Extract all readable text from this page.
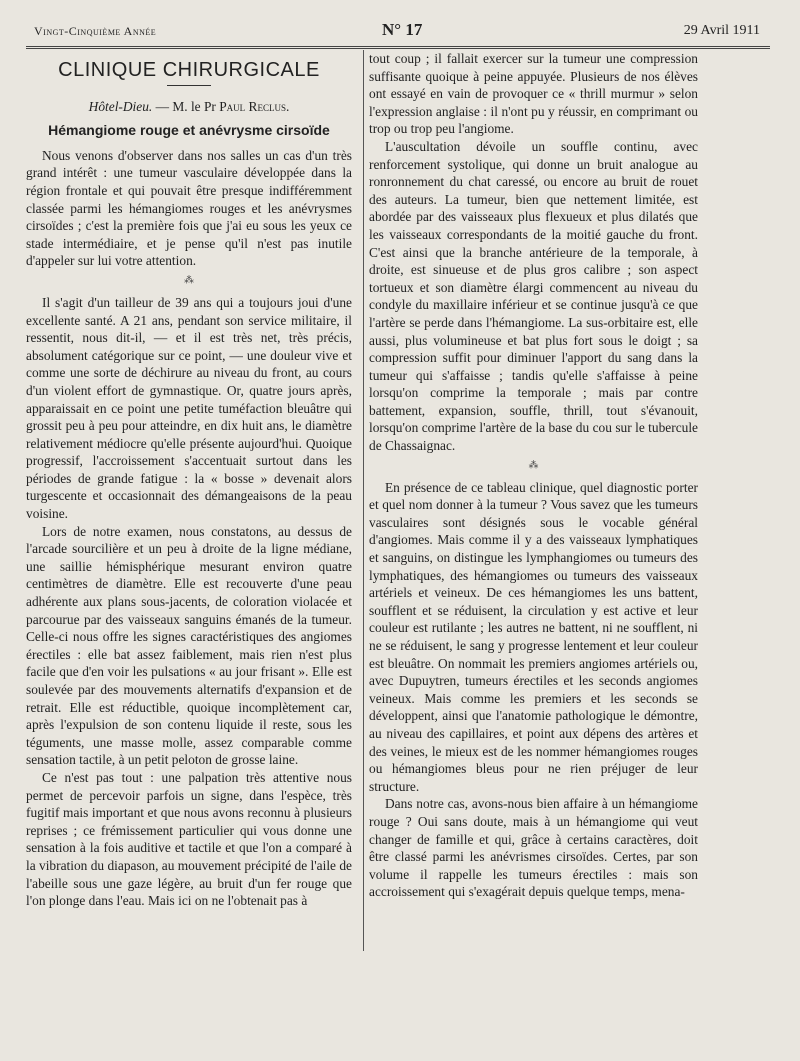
Vingt-Cinquième Année	N° 17	29 Avril 1911
CLINIQUE CHIRURGICALE
Hôtel-Dieu. — M. le Pr Paul Reclus.
Hémangiome rouge et anévrysme cirsoïde

Nous venons d'observer dans nos salles un cas d'un très grand intérêt : une tumeur vasculaire développée dans la région frontale et qui pouvait être presque indifféremment classée parmi les hémangiomes rouges et les anévrysmes cirsoïdes ; c'est la première fois que j'ai eu sous les yeux ce stade intermédiaire, et je pense qu'il n'est pas inutile d'appeler sur lui votre attention.

⁂

Il s'agit d'un tailleur de 39 ans qui a toujours joui d'une excellente santé. A 21 ans, pendant son service militaire, il ressentit, nous dit-il, — et il est très net, très précis, absolument catégorique sur ce point, — une douleur vive et comme une sorte de déchirure au niveau du front, au cours d'un violent effort de gymnastique. Or, quatre jours après, apparaissait en ce point une petite tuméfaction bleuâtre qui grossit peu à peu pour atteindre, en dix huit ans, le diamètre relativement médiocre qu'elle présente aujourd'hui. Quoique progressif, l'accroissement s'accentuait surtout dans les périodes de grande fatigue : la « bosse » devenait alors turgescente et occasionnait des démangeaisons de la peau voisine.

Lors de notre examen, nous constatons, au dessus de l'arcade sourcilière et un peu à droite de la ligne médiane, une saillie hémisphérique mesurant environ quatre centimètres de diamètre. Elle est recouverte d'une peau adhérente aux plans sous-jacents, de coloration violacée et parcourue par des vaisseaux sanguins émanés de la tumeur. Celle-ci nous offre les signes caractéristiques des angiomes érectiles : elle bat assez faiblement, mais rien n'est plus facile que d'en voir les pulsations « au jour frisant ». Elle est soulevée par des mouvements alternatifs d'expansion et de retrait. Elle est réductible, quoique incomplètement car, après l'expulsion de son contenu liquide il reste, sous les téguments, une masse molle, assez comparable comme sensation tactile, à un petit peloton de grosse laine.

Ce n'est pas tout : une palpation très attentive nous permet de percevoir parfois un signe, dans l'espèce, très fugitif mais important et que nous avons reconnu à plusieurs reprises ; ce frémissement particulier qui vous donne une sensation à la fois auditive et tactile et que l'on a comparé à la vibration du diapason, au mouvement précipité de l'aile de l'abeille sous une gaze légère, au bruit d'un fer rouge que l'on plonge dans l'eau. Mais ici on ne l'obtenait pas à

tout coup ; il fallait exercer sur la tumeur une compression suffisante quoique à peine appuyée. Plusieurs de nos élèves ont essayé en vain de provoquer ce « thrill murmur » selon l'expression anglaise : il n'ont pu y réussir, en comprimant ou trop ou trop peu l'angiome.

L'auscultation dévoile un souffle continu, avec renforcement systolique, qui donne un bruit analogue au ronronnement du chat caressé, ou encore au bruit de rouet des auteurs. La tumeur, bien que nettement limitée, est abordée par des vaisseaux plus flexueux et plus dilatés que les vaisseaux correspondants de la moitié gauche du front. C'est ainsi que la branche antérieure de la temporale, à droite, est sinueuse et de plus gros calibre ; son aspect tortueux et son diamètre élargi commencent au niveau du condyle du maxillaire inférieur et se continue jusqu'à ce que l'artère se perde dans l'hémangiome. La sus-orbitaire est, elle aussi, plus volumineuse et bat plus fort sous le doigt ; sa compression suffit pour diminuer l'apport du sang dans la tumeur qui s'affaisse ; tandis qu'elle s'affaisse à peine lorsqu'on comprime la temporale ; mais par contre battement, expansion, souffle, thrill, tout s'évanouit, lorsqu'on comprime l'artère de la base du cou sur le tubercule de Chassaignac.

⁂

En présence de ce tableau clinique, quel diagnostic porter et quel nom donner à la tumeur ? Vous savez que les tumeurs vasculaires sont désignés sous le vocable général d'angiomes. Mais comme il y a des vaisseaux lymphatiques et sanguins, on distingue les lymphangiomes ou tumeurs des lymphatiques, des hémangiomes ou tumeurs des vaisseaux artériels et veineux. De ces hémangiomes les uns battent, soufflent et se réduisent, la circulation y est active et leur couleur est rutilante ; les autres ne battent, ni ne soufflent, ni ne se réduisent, le sang y progresse lentement et leur couleur est bleuâtre. On nommait les premiers angiomes artériels ou, avec Dupuytren, tumeurs érectiles et les seconds angiomes veineux. Mais comme les premiers et les seconds se développent, ainsi que l'anatomie pathologique le démontre, au niveau des capillaires, et point aux dépens des artères et des veines, le mieux est de les nommer hémangiomes rouges ou hémangiomes bleus pour ne rien préjuger de leur structure.

Dans notre cas, avons-nous bien affaire à un hémangiome rouge ? Oui sans doute, mais à un hémangiome qui veut changer de famille et qui, grâce à certains caractères, doit être classé parmi les anévrismes cirsoïdes. Certes, par son volume il rappelle les tumeurs érectiles : mais son accroissement qui s'exagérait depuis quelque temps, mena-
